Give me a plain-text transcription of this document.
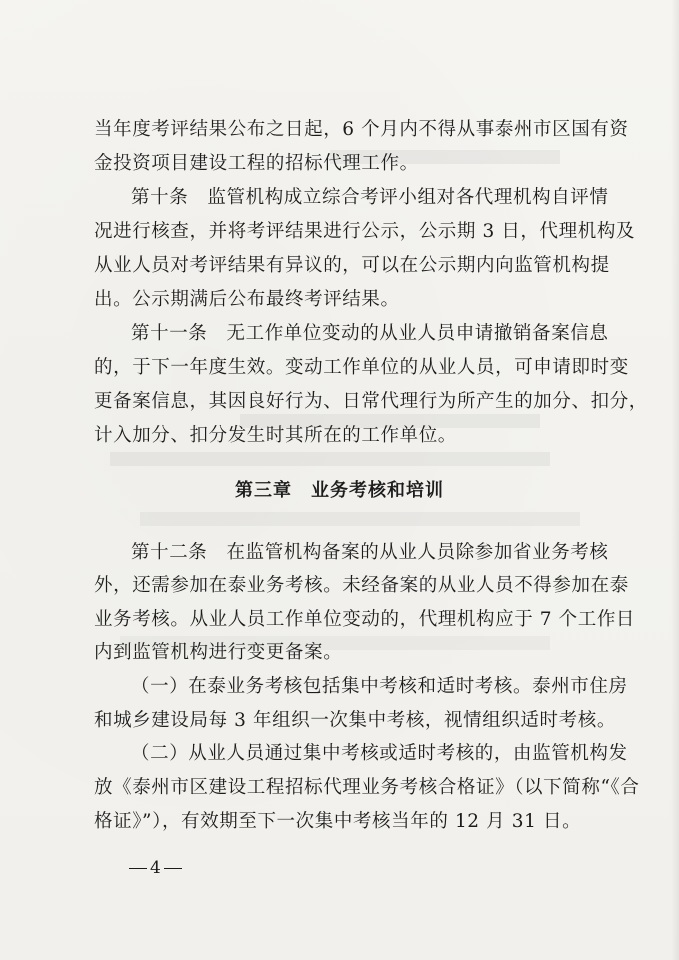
当年度考评结果公布之日起，6 个月内不得从事泰州市区国有资
金投资项目建设工程的招标代理工作。
第十条　监管机构成立综合考评小组对各代理机构自评情
况进行核查，并将考评结果进行公示，公示期 3 日，代理机构及
从业人员对考评结果有异议的，可以在公示期内向监管机构提
出。公示期满后公布最终考评结果。
第十一条　无工作单位变动的从业人员申请撤销备案信息
的，于下一年度生效。变动工作单位的从业人员，可申请即时变
更备案信息，其因良好行为、日常代理行为所产生的加分、扣分，
计入加分、扣分发生时其所在的工作单位。
第三章　业务考核和培训
第十二条　在监管机构备案的从业人员除参加省业务考核
外，还需参加在泰业务考核。未经备案的从业人员不得参加在泰
业务考核。从业人员工作单位变动的，代理机构应于 7 个工作日
内到监管机构进行变更备案。
（一）在泰业务考核包括集中考核和适时考核。泰州市住房
和城乡建设局每 3 年组织一次集中考核，视情组织适时考核。
（二）从业人员通过集中考核或适时考核的，由监管机构发
放《泰州市区建设工程招标代理业务考核合格证》（以下简称“《合
格证》”），有效期至下一次集中考核当年的 12 月 31 日。
4
